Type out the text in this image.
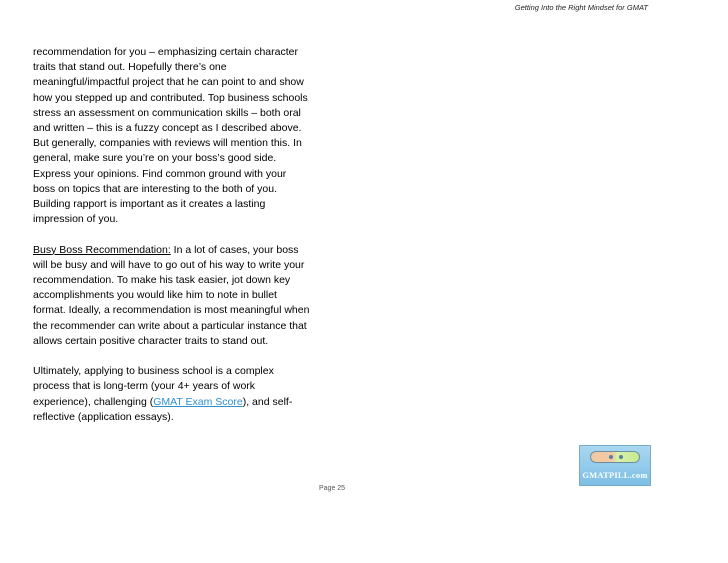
Getting Into the Right Mindset for GMAT

recommendation for you – emphasizing certain character traits that stand out. Hopefully there’s one meaningful/impactful project that he can point to and show how you stepped up and contributed. Top business schools stress an assessment on communication skills – both oral and written – this is a fuzzy concept as I described above. But generally, companies with reviews will mention this. In general, make sure you’re on your boss’s good side. Express your opinions. Find common ground with your boss on topics that are interesting to the both of you. Building rapport is important as it creates a lasting impression of you.

Busy Boss Recommendation: In a lot of cases, your boss will be busy and will have to go out of his way to write your recommendation. To make his task easier, jot down key accomplishments you would like him to note in bullet format. Ideally, a recommendation is most meaningful when the recommender can write about a particular instance that allows certain positive character traits to stand out.

Ultimately, applying to business school is a complex process that is long-term (your 4+ years of work experience), challenging (GMAT Exam Score), and self-reflective (application essays).

Page 25
GMATPILL.com
